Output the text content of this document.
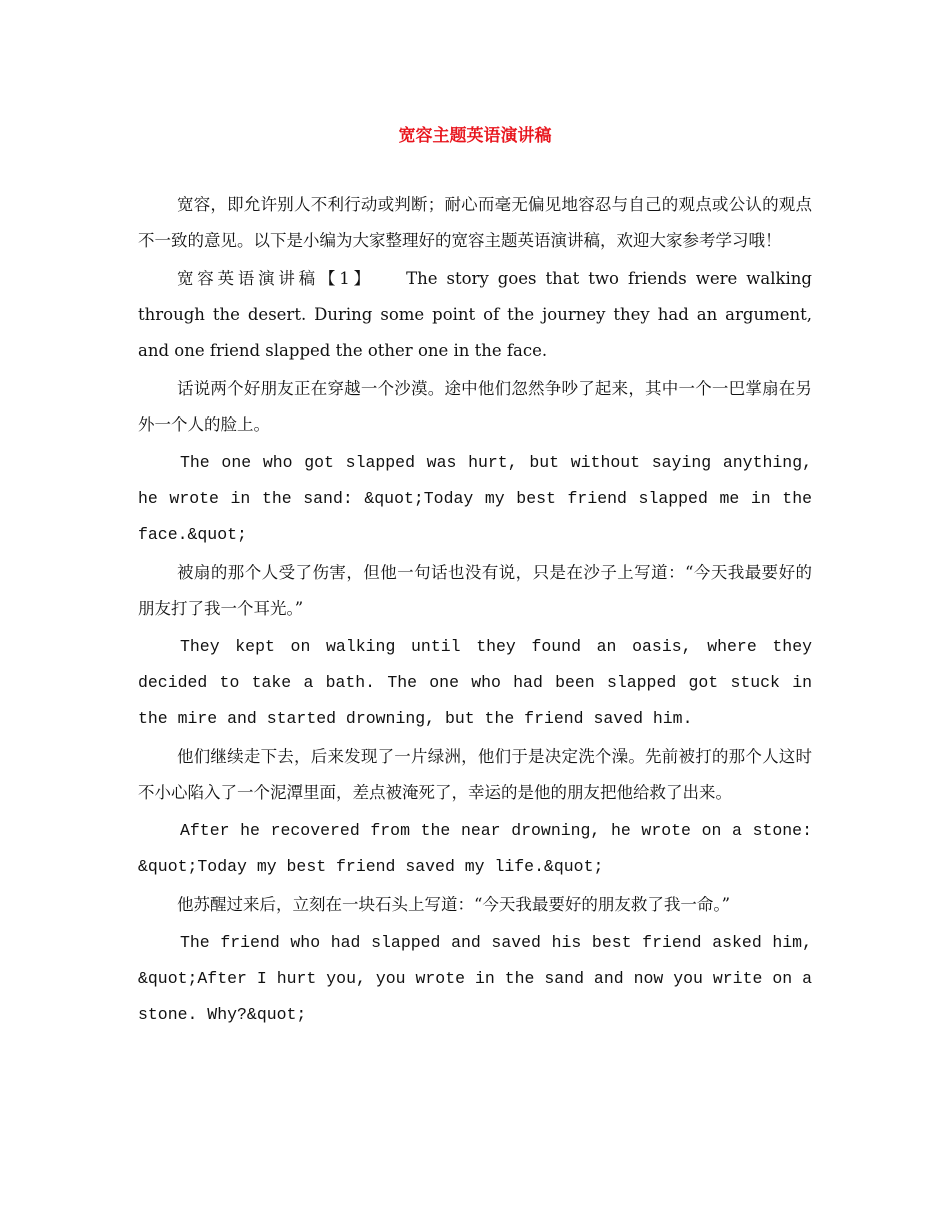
宽容主题英语演讲稿

宽容，即允许别人不利行动或判断；耐心而毫无偏见地容忍与自己的观点或公认的观点不一致的意见。以下是小编为大家整理好的宽容主题英语演讲稿，欢迎大家参考学习哦！

宽容英语演讲稿【1】　　The story goes that two friends were walking through the desert. During some point of the journey they had an argument, and one friend slapped the other one in the face.

话说两个好朋友正在穿越一个沙漠。途中他们忽然争吵了起来，其中一个一巴掌扇在另外一个人的脸上。

The one who got slapped was hurt, but without saying anything, he wrote in the sand: &quot;Today my best friend slapped me in the face.&quot;

被扇的那个人受了伤害，但他一句话也没有说，只是在沙子上写道：“今天我最要好的朋友打了我一个耳光。”

They kept on walking until they found an oasis, where they decided to take a bath. The one who had been slapped got stuck in the mire and started drowning, but the friend saved him.

他们继续走下去，后来发现了一片绿洲，他们于是决定洗个澡。先前被打的那个人这时不小心陷入了一个泥潭里面，差点被淹死了，幸运的是他的朋友把他给救了出来。

After he recovered from the near drowning, he wrote on a stone: &quot;Today my best friend saved my life.&quot;

他苏醒过来后，立刻在一块石头上写道：“今天我最要好的朋友救了我一命。”

The friend who had slapped and saved his best friend asked him, &quot;After I hurt you, you wrote in the sand and now you write on a stone. Why?&quot;
